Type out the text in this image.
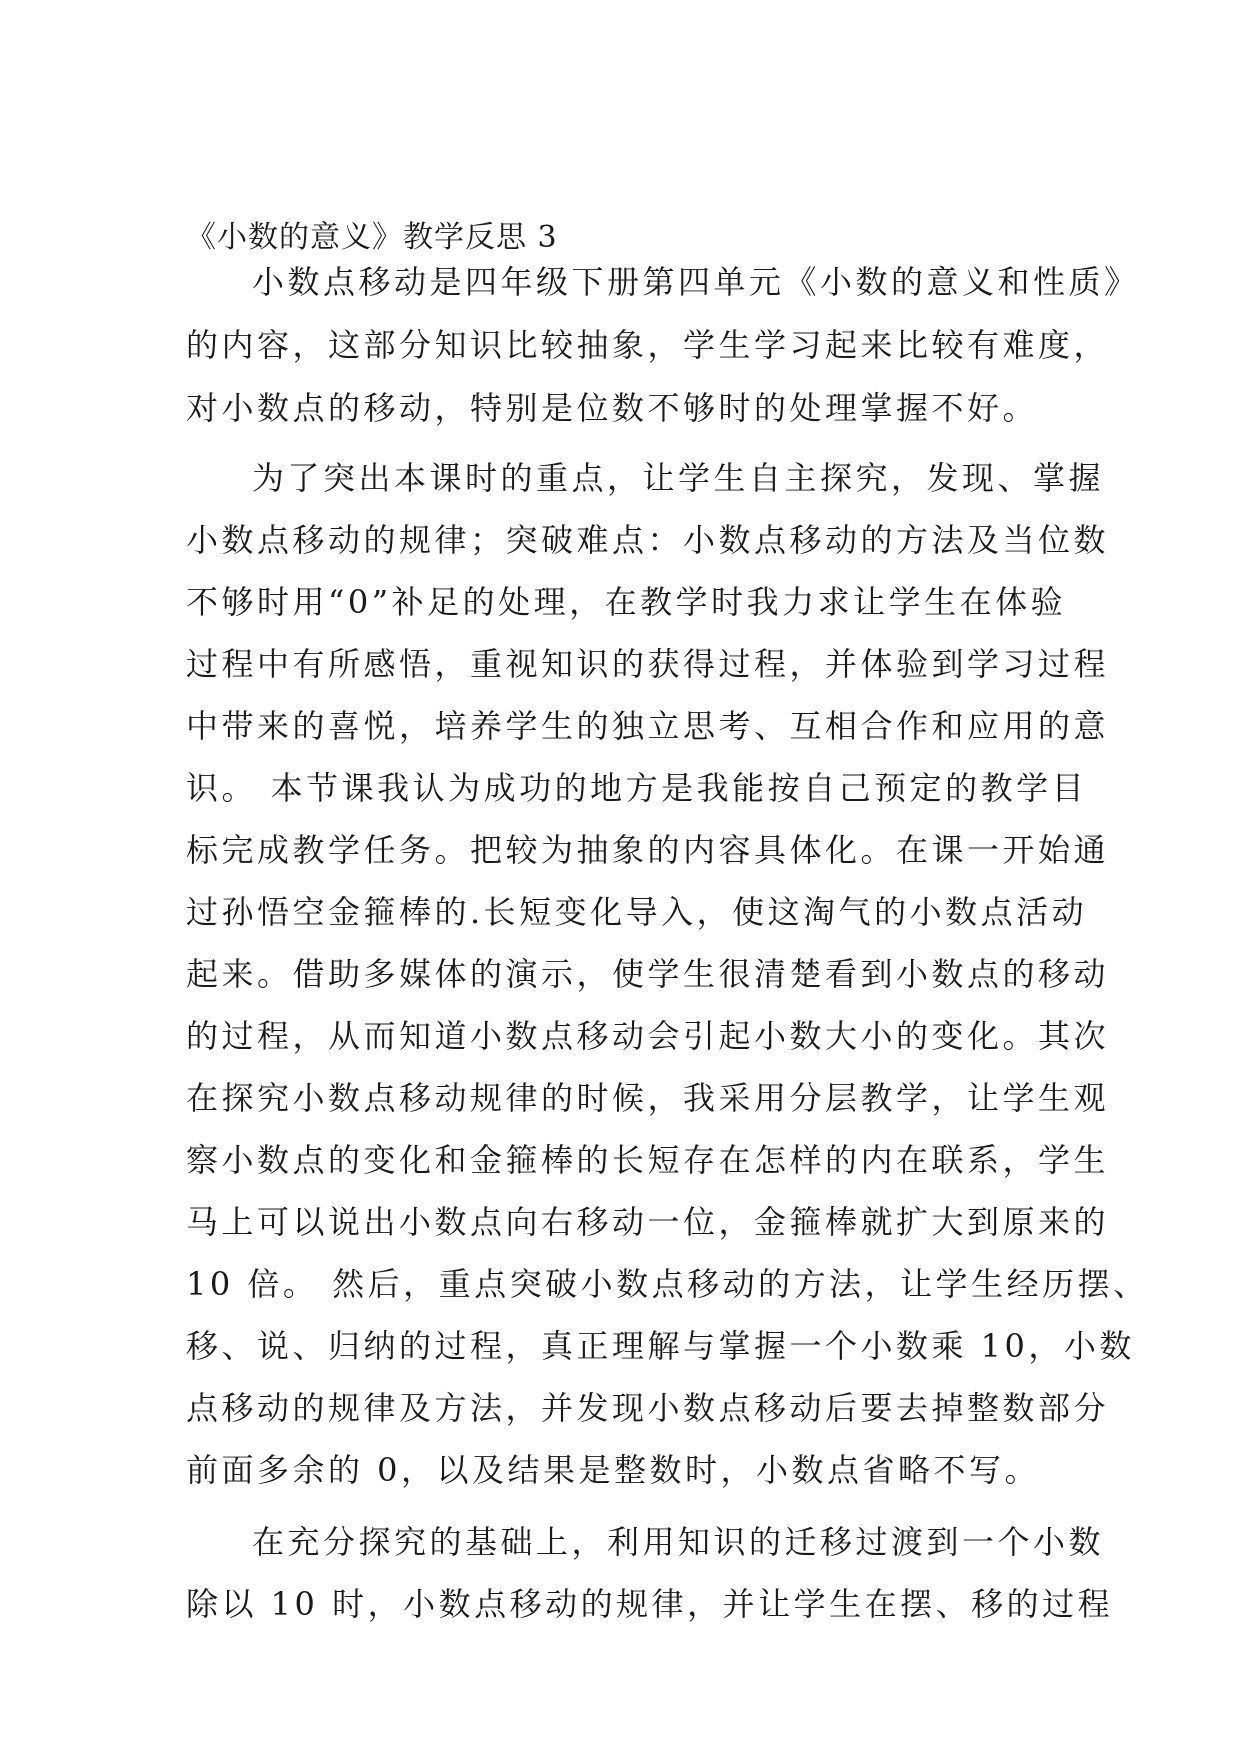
《小数的意义》教学反思 3
小数点移动是四年级下册第四单元《小数的意义和性质》
的内容，这部分知识比较抽象，学生学习起来比较有难度，
对小数点的移动，特别是位数不够时的处理掌握不好。
为了突出本课时的重点，让学生自主探究，发现、掌握
小数点移动的规律；突破难点：小数点移动的方法及当位数
不够时用“0”补足的处理，在教学时我力求让学生在体验
过程中有所感悟，重视知识的获得过程，并体验到学习过程
中带来的喜悦，培养学生的独立思考、互相合作和应用的意
识。 本节课我认为成功的地方是我能按自己预定的教学目
标完成教学任务。把较为抽象的内容具体化。在课一开始通
过孙悟空金箍棒的.长短变化导入，使这淘气的小数点活动
起来。借助多媒体的演示，使学生很清楚看到小数点的移动
的过程，从而知道小数点移动会引起小数大小的变化。其次
在探究小数点移动规律的时候，我采用分层教学，让学生观
察小数点的变化和金箍棒的长短存在怎样的内在联系，学生
马上可以说出小数点向右移动一位，金箍棒就扩大到原来的
10 倍。 然后，重点突破小数点移动的方法，让学生经历摆、
移、说、归纳的过程，真正理解与掌握一个小数乘 10，小数
点移动的规律及方法，并发现小数点移动后要去掉整数部分
前面多余的 0，以及结果是整数时，小数点省略不写。
在充分探究的基础上，利用知识的迁移过渡到一个小数
除以 10 时，小数点移动的规律，并让学生在摆、移的过程
